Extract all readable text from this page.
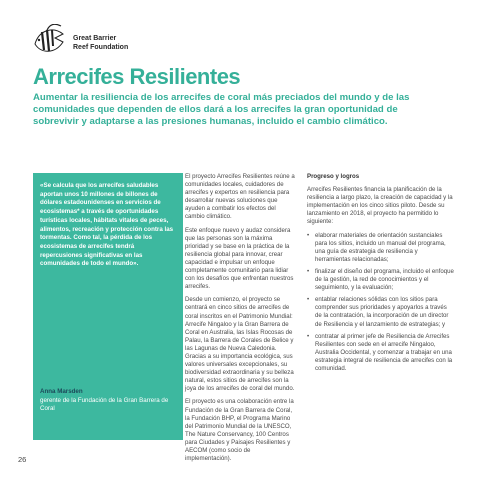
Great Barrier
Reef Foundation
Arrecifes Resilientes
Aumentar la resiliencia de los arrecifes de coral más preciados del mundo y de las comunidades que dependen de ellos dará a los arrecifes la gran oportunidad de sobrevivir y adaptarse a las presiones humanas, incluido el cambio climático.

«Se calcula que los arrecifes saludables aportan unos 10 millones de billones de dólares estadounidenses en servicios de ecosistemas* a través de oportunidades turísticas locales, hábitats vitales de peces, alimentos, recreación y protección contra las tormentas. Como tal, la pérdida de los ecosistemas de arrecifes tendrá repercusiones significativas en las comunidades de todo el mundo».

Anna Marsden
gerente de la Fundación de la Gran Barrera de Coral

El proyecto Arrecifes Resilientes reúne a comunidades locales, cuidadores de arrecifes y expertos en resiliencia para desarrollar nuevas soluciones que ayuden a combatir los efectos del cambio climático.

Este enfoque nuevo y audaz considera que las personas son la máxima prioridad y se base en la práctica de la resiliencia global para innovar, crear capacidad e impulsar un enfoque completamente comunitario para lidiar con los desafíos que enfrentan nuestros arrecifes.

Desde un comienzo, el proyecto se centrará en cinco sitios de arrecifes de coral inscritos en el Patrimonio Mundial: Arrecife Ningaloo y la Gran Barrera de Coral en Australia, las Islas Rocosas de Palau, la Barrera de Corales de Belice y las Lagunas de Nueva Caledonia. Gracias a su importancia ecológica, sus valores universales excepcionales, su biodiversidad extraordinaria y su belleza natural, estos sitios de arrecifes son la joya de los arrecifes de coral del mundo.

El proyecto es una colaboración entre la Fundación de la Gran Barrera de Coral, la Fundación BHP, el Programa Marino del Patrimonio Mundial de la UNESCO, The Nature Conservancy, 100 Centros para Ciudades y Paisajes Resilientes y AECOM (como socio de implementación).

Progreso y logros

Arrecifes Resilientes financia la planificación de la resiliencia a largo plazo, la creación de capacidad y la implementación en los cinco sitios piloto. Desde su lanzamiento en 2018, el proyecto ha permitido lo siguiente:

• elaborar materiales de orientación sustanciales para los sitios, incluido un manual del programa, una guía de estrategia de resiliencia y herramientas relacionadas;
• finalizar el diseño del programa, incluido el enfoque de la gestión, la red de conocimientos y el seguimiento, y la evaluación;
• entablar relaciones sólidas con los sitios para comprender sus prioridades y apoyarlos a través de la contratación, la incorporación de un director de Resiliencia y el lanzamiento de estrategias; y
• contratar al primer jefe de Resiliencia de Arrecifes Resilientes con sede en el arrecife Ningaloo, Australia Occidental, y comenzar a trabajar en una estrategia integral de resiliencia de arrecifes con la comunidad.
26
